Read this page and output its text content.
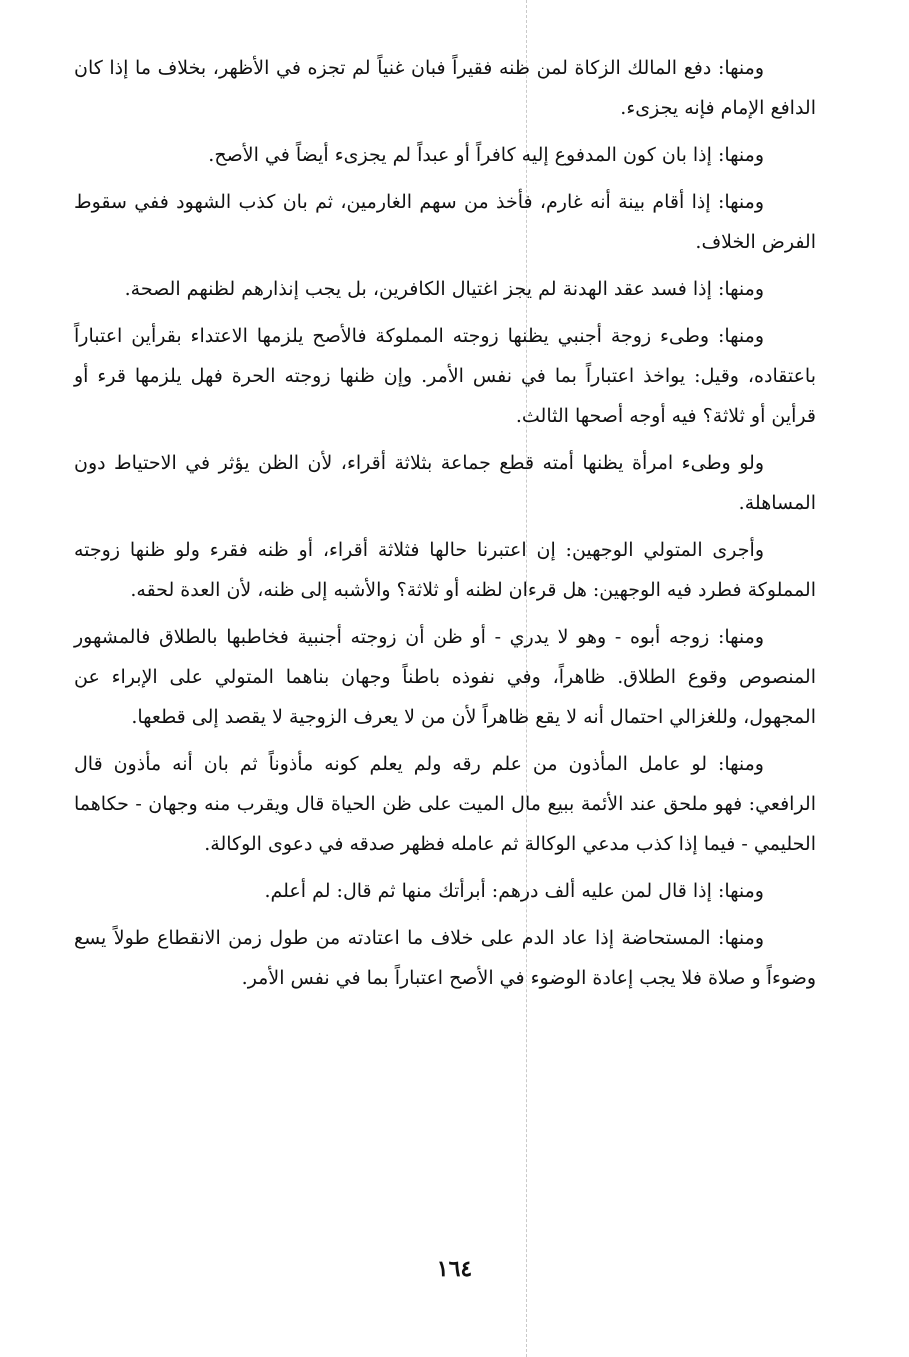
ومنها: دفع المالك الزكاة لمن ظنه فقيراً فبان غنياً لم تجزه في الأظهر، بخلاف ما إذا كان الدافع الإمام فإنه يجزىء.

ومنها: إذا بان كون المدفوع إليه كافراً أو عبداً لم يجزىء أيضاً في الأصح.

ومنها: إذا أقام بينة أنه غارم، فأخذ من سهم الغارمين، ثم بان كذب الشهود ففي سقوط الفرض الخلاف.

ومنها: إذا فسد عقد الهدنة لم يجز اغتيال الكافرين، بل يجب إنذارهم لظنهم الصحة.

ومنها: وطىء زوجة أجنبي يظنها زوجته المملوكة فالأصح يلزمها الاعتداء بقرأين اعتباراً باعتقاده، وقيل: يواخذ اعتباراً بما في نفس الأمر. وإن ظنها زوجته الحرة فهل يلزمها قرء أو قرأين أو ثلاثة؟ فيه أوجه أصحها الثالث.

ولو وطىء امرأة يظنها أمته قطع جماعة بثلاثة أقراء، لأن الظن يؤثر في الاحتياط دون المساهلة.

وأجرى المتولي الوجهين: إن اعتبرنا حالها فثلاثة أقراء، أو ظنه فقرء ولو ظنها زوجته المملوكة فطرد فيه الوجهين: هل قرءان لظنه أو ثلاثة؟ والأشبه إلى ظنه، لأن العدة لحقه.

ومنها: زوجه أبوه - وهو لا يدري - أو ظن أن زوجته أجنبية فخاطبها بالطلاق فالمشهور المنصوص وقوع الطلاق. ظاهراً، وفي نفوذه باطناً وجهان بناهما المتولي على الإبراء عن المجهول، وللغزالي احتمال أنه لا يقع ظاهراً لأن من لا يعرف الزوجية لا يقصد إلى قطعها.

ومنها: لو عامل المأذون من علم رقه ولم يعلم كونه مأذوناً ثم بان أنه مأذون قال الرافعي: فهو ملحق عند الأئمة ببيع مال الميت على ظن الحياة قال ويقرب منه وجهان - حكاهما الحليمي - فيما إذا كذب مدعي الوكالة ثم عامله فظهر صدقه في دعوى الوكالة.

ومنها: إذا قال لمن عليه ألف درهم: أبرأتك منها ثم قال: لم أعلم.

ومنها: المستحاضة إذا عاد الدم على خلاف ما اعتادته من طول زمن الانقطاع طولاً يسع وضوءاً و صلاة فلا يجب إعادة الوضوء في الأصح اعتباراً بما في نفس الأمر.

١٦٤
